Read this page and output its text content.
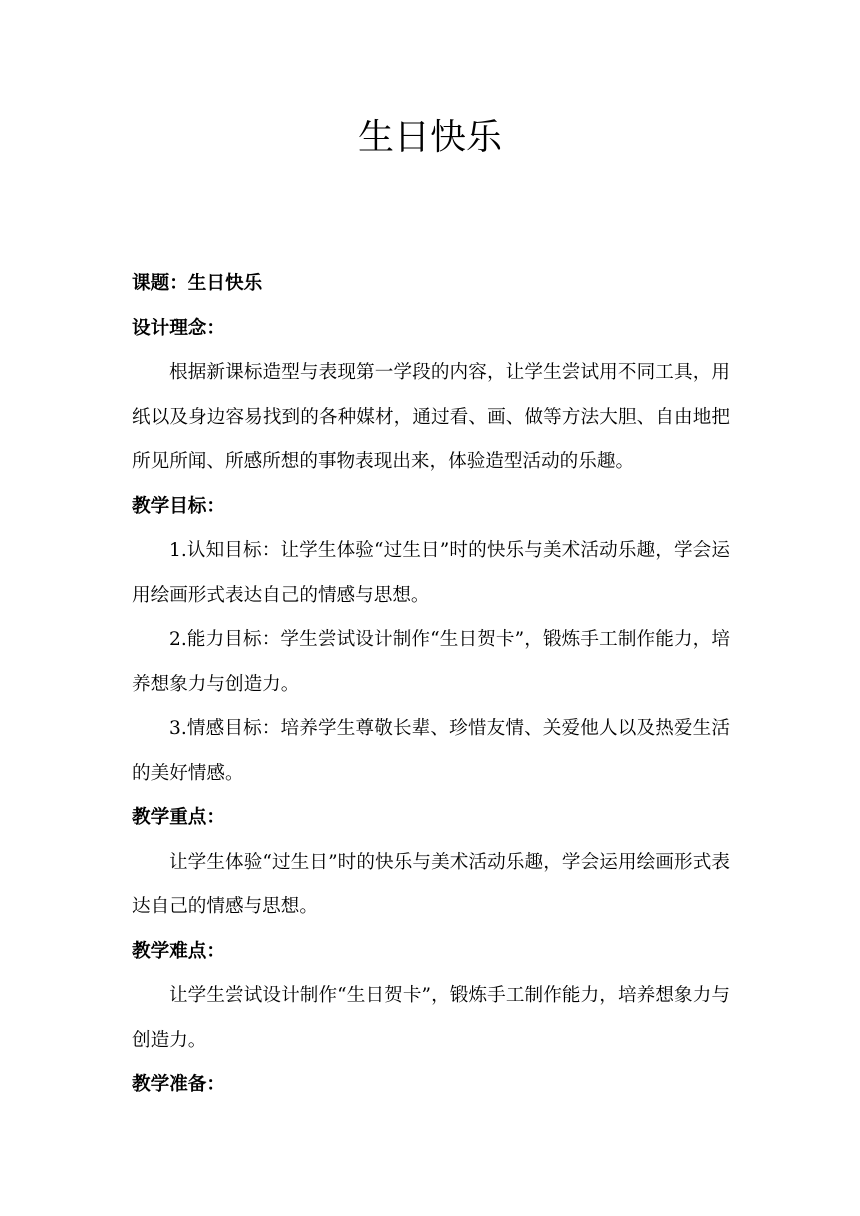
生日快乐

课题：生日快乐

设计理念：

根据新课标造型与表现第一学段的内容，让学生尝试用不同工具，用纸以及身边容易找到的各种媒材，通过看、画、做等方法大胆、自由地把所见所闻、所感所想的事物表现出来，体验造型活动的乐趣。

教学目标：

1.认知目标：让学生体验“过生日”时的快乐与美术活动乐趣，学会运用绘画形式表达自己的情感与思想。

2.能力目标：学生尝试设计制作“生日贺卡”，锻炼手工制作能力，培养想象力与创造力。

3.情感目标：培养学生尊敬长辈、珍惜友情、关爱他人以及热爱生活的美好情感。

教学重点：

让学生体验“过生日”时的快乐与美术活动乐趣，学会运用绘画形式表达自己的情感与思想。

教学难点：

让学生尝试设计制作“生日贺卡”，锻炼手工制作能力，培养想象力与创造力。

教学准备：
